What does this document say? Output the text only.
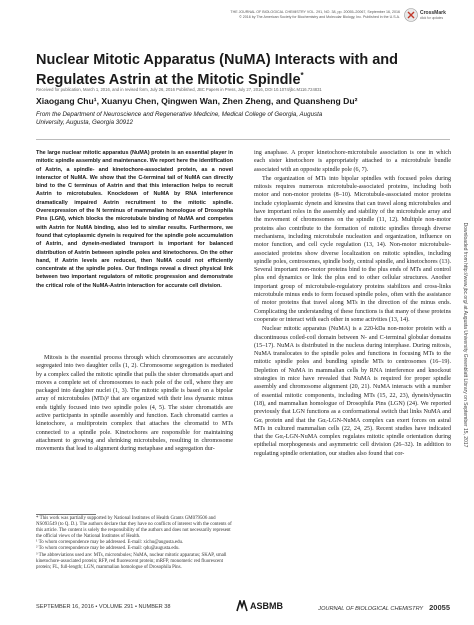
THE JOURNAL OF BIOLOGICAL CHEMISTRY VOL. 291, NO. 38, pp. 20055–20067, September 16, 2016
© 2016 by The American Society for Biochemistry and Molecular Biology, Inc. Published in the U.S.A.
CrossMark
click for updates
Nuclear Mitotic Apparatus (NuMA) Interacts with and Regulates Astrin at the Mitotic Spindle*
Received for publication, March 1, 2016, and in revised form, July 26, 2016 Published, JBC Papers in Press, July 27, 2016, DOI 10.1074/jbc.M116.724831
Xiaogang Chu¹, Xuanyu Chen, Qingwen Wan, Zhen Zheng, and Quansheng Du²

From the Department of Neuroscience and Regenerative Medicine, Medical College of Georgia, Augusta University, Augusta, Georgia 30912

The large nuclear mitotic apparatus (NuMA) protein is an essential player in mitotic spindle assembly and maintenance. We report here the identification of Astrin, a spindle- and kinetochore-associated protein, as a novel interactor of NuMA. We show that the C-terminal tail of NuMA can directly bind to the C terminus of Astrin and that this interaction helps to recruit Astrin to microtubules. Knockdown of NuMA by RNA interference dramatically impaired Astrin recruitment to the mitotic spindle. Overexpression of the N terminus of mammalian homologue of Drosophila Pins (LGN), which blocks the microtubule binding of NuMA and competes with Astrin for NuMA binding, also led to similar results. Furthermore, we found that cytoplasmic dynein is required for the spindle pole accumulation of Astrin, and dynein-mediated transport is important for balanced distribution of Astrin between spindle poles and kinetochores. On the other hand, if Astrin levels are reduced, then NuMA could not efficiently concentrate at the spindle poles. Our findings reveal a direct physical link between two important regulators of mitotic progression and demonstrate the critical role of the NuMA-Astrin interaction for accurate cell division.

Mitosis is the essential process through which chromosomes are accurately segregated into two daughter cells (1, 2). Chromosome segregation is mediated by a complex called the mitotic spindle that pulls the sister chromatids apart and moves a complete set of chromosomes to each pole of the cell, where they are packaged into daughter nuclei (1, 3). The mitotic spindle is based on a bipolar array of microtubules (MTs)³ that are organized with their less dynamic minus ends tightly focused into two spindle poles (4, 5). The sister chromatids are active participants in spindle assembly and function. Each chromatid carries a kinetochore, a multiprotein complex that attaches the chromatid to MTs connected to a spindle pole. Kinetochores are responsible for maintaining attachment to growing and shrinking microtubules, resulting in chromosome movements that lead to alignment during metaphase and segregation dur-

* This work was partially supported by National Institutes of Health Grants GM079506 and NS093549 (to Q. D.). The authors declare that they have no conflicts of interest with the contents of this article. The content is solely the responsibility of the authors and does not necessarily represent the official views of the National Institutes of Health.

¹ To whom correspondence may be addressed. E-mail: xichu@augusta.edu.

² To whom correspondence may be addressed. E-mail: qdu@augusta.edu.

³ The abbreviations used are: MTs, microtubules; NuMA, nuclear mitotic apparatus; SKAP, small kinetochore-associated protein; RFP, red fluorescent protein; mRFP, monomeric red fluorescent protein; FL, full-length; LGN, mammalian homologue of Drosophila Pins.

ing anaphase. A proper kinetochore-microtubule association is one in which each sister kinetochore is appropriately attached to a microtubule bundle associated with an opposite spindle pole (6, 7).

The organization of MTs into bipolar spindles with focused poles during mitosis requires numerous microtubule-associated proteins, including both motor and non-motor proteins (8–10). Microtubule-associated motor proteins include cytoplasmic dynein and kinesins that can travel along microtubules and have important roles in the assembly and stability of the microtubule array and the movement of chromosomes on the spindle (11, 12). Multiple non-motor proteins also contribute to the formation of mitotic spindles through diverse mechanisms, including microtubule nucleation and organization, influence on motor function, and cell cycle regulation (13, 14). Non-motor microtubule-associated proteins show diverse localization on mitotic spindles, including spindle poles, centrosomes, spindle body, central spindle, and kinetochores (13). Several important non-motor proteins bind to the plus ends of MTs and control plus end dynamics or link the plus end to other cellular structures. Another important group of microtubule-regulatory proteins stabilizes and cross-links microtubule minus ends to form focused spindle poles, often with the assistance of motor proteins that travel along MTs in the direction of the minus ends. Complicating the understanding of these functions is that many of these proteins cooperate or interact with each other in some activities (13, 14).

Nuclear mitotic apparatus (NuMA) is a 220-kDa non-motor protein with a discontinuous coiled-coil domain between N- and C-terminal globular domains (15–17). NuMA is distributed in the nucleus during interphase. During mitosis, NuMA translocates to the spindle poles and functions in focusing MTs to the mitotic spindle poles and bundling spindle MTs to centrosomes (16–19). Depletion of NuMA in mammalian cells by RNA interference and knockout strategies in mice have revealed that NuMA is required for proper spindle assembly and chromosome alignment (20, 21). NuMA interacts with a number of essential mitotic components, including MTs (15, 22, 23), dynein/dynactin (18), and mammalian homologue of Drosophila Pins (LGN) (24). We reported previously that LGN functions as a conformational switch that links NuMA and Gαᵢ protein and that the Gαᵢ-LGN-NuMA complex can exert forces on astral MTs in cultured mammalian cells (22, 24, 25). Recent studies have indicated that the Gαᵢ-LGN-NuMA complex regulates mitotic spindle orientation during epithelial morphogenesis and asymmetric cell division (26–32). In addition to regulating spindle orientation, our studies also found that cor-

Downloaded from http://www.jbc.org/ at Augusta University Greenblatt Library on September 15, 2017
SEPTEMBER 16, 2016 • VOLUME 291 • NUMBER 38	ASBMB	JOURNAL OF BIOLOGICAL CHEMISTRY 20055
